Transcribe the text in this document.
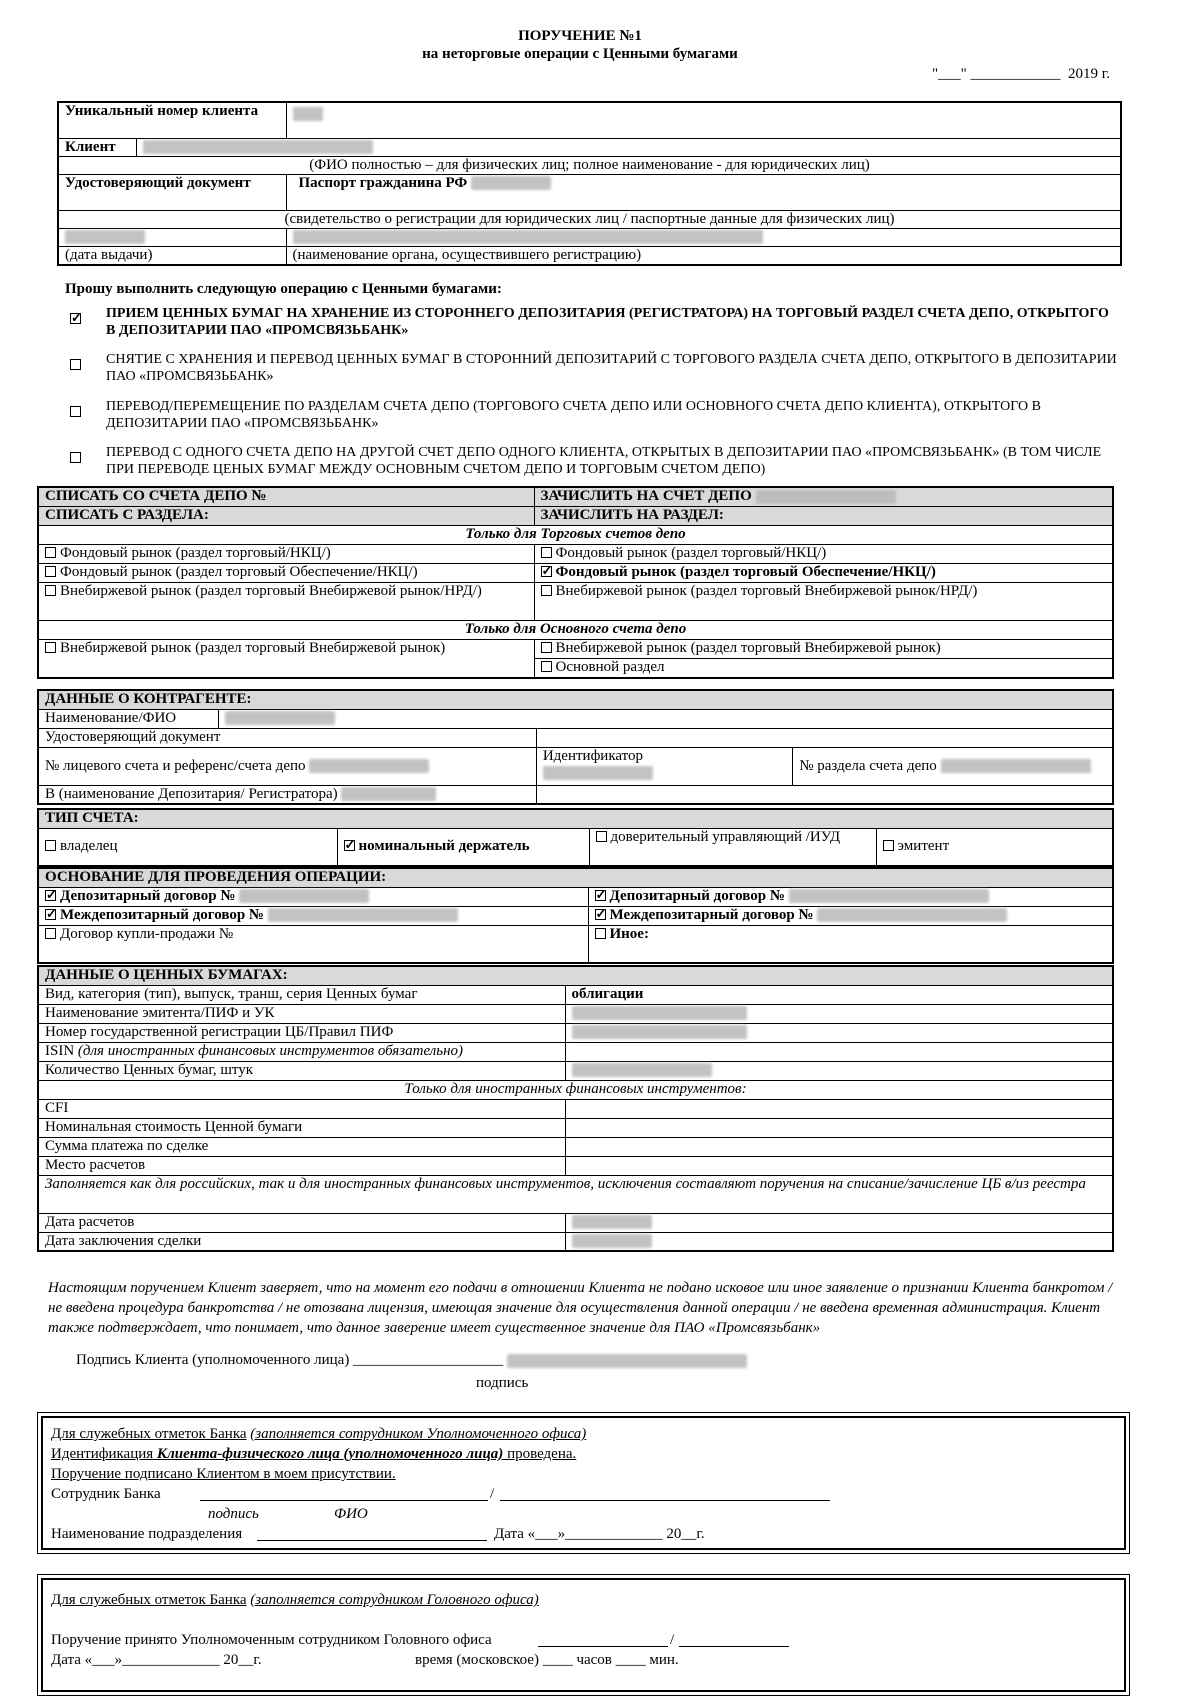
ПОРУЧЕНИЕ №1
на неторговые операции с Ценными бумагами
"___" ____________  2019 г.
Уникальный номер клиента	
Клиент	
(ФИО полностью – для физических лиц; полное наименование - для юридических лиц)	
Удостоверяющий документ	Паспорт гражданина РФ
(свидетельство о регистрации для юридических лиц / паспортные данные для физических лиц)	

(дата выдачи)	(наименование органа, осуществившего регистрацию)
Прошу выполнить следующую операцию с Ценными бумагами:
✓
ПРИЕМ ЦЕННЫХ БУМАГ НА ХРАНЕНИЕ ИЗ СТОРОННЕГО ДЕПОЗИТАРИЯ (РЕГИСТРАТОРА) НА ТОРГОВЫЙ РАЗДЕЛ СЧЕТА ДЕПО, ОТКРЫТОГО В ДЕПОЗИТАРИИ ПАО «ПРОМСВЯЗЬБАНК»
СНЯТИЕ С ХРАНЕНИЯ И ПЕРЕВОД ЦЕННЫХ БУМАГ В СТОРОННИЙ ДЕПОЗИТАРИЙ С ТОРГОВОГО РАЗДЕЛА СЧЕТА ДЕПО, ОТКРЫТОГО В ДЕПОЗИТАРИИ ПАО «ПРОМСВЯЗЬБАНК»
ПЕРЕВОД/ПЕРЕМЕЩЕНИЕ ПО РАЗДЕЛАМ СЧЕТА ДЕПО (ТОРГОВОГО СЧЕТА ДЕПО ИЛИ ОСНОВНОГО СЧЕТА ДЕПО КЛИЕНТА), ОТКРЫТОГО В ДЕПОЗИТАРИИ ПАО «ПРОМСВЯЗЬБАНК»
ПЕРЕВОД С ОДНОГО СЧЕТА ДЕПО НА ДРУГОЙ СЧЕТ ДЕПО ОДНОГО КЛИЕНТА, ОТКРЫТЫХ В ДЕПОЗИТАРИИ ПАО «ПРОМСВЯЗЬБАНК» (В ТОМ ЧИСЛЕ ПРИ ПЕРЕВОДЕ ЦЕНЫХ БУМАГ МЕЖДУ ОСНОВНЫМ СЧЕТОМ ДЕПО И ТОРГОВЫМ СЧЕТОМ ДЕПО)
СПИСАТЬ СО СЧЕТА ДЕПО №	ЗАЧИСЛИТЬ НА СЧЕТ ДЕПО
СПИСАТЬ С РАЗДЕЛА:	ЗАЧИСЛИТЬ НА РАЗДЕЛ:
Только для Торговых счетов депо	
Фондовый рынок (раздел торговый/НКЦ/)	Фондовый рынок (раздел торговый/НКЦ/)
Фондовый рынок (раздел торговый Обеспечение/НКЦ/)	✓Фондовый рынок (раздел торговый Обеспечение/НКЦ/)
Внебиржевой рынок (раздел торговый Внебиржевой рынок/НРД/)	Внебиржевой рынок (раздел торговый Внебиржевой рынок/НРД/)
Только для Основного счета депо	
Внебиржевой рынок (раздел торговый Внебиржевой рынок)	Внебиржевой рынок (раздел торговый Внебиржевой рынок)
Основной раздел
ДАННЫЕ О КОНТРАГЕНТЕ:			
Наименование/ФИО			
Удостоверяющий документ			
№ лицевого счета и референс/счета депо		Идентификатор	№ раздела счета депо
В (наименование Депозитария/ Регистратора)			
ТИП СЧЕТА:
владелец	✓номинальный держатель	доверительный управляющий /ИУД	эмитент
ОСНОВАНИЕ ДЛЯ ПРОВЕДЕНИЯ ОПЕРАЦИИ:	
✓Депозитарный договор №	✓Депозитарный договор №
✓Междепозитарный договор №	✓Междепозитарный договор №
Договор купли-продажи №	Иное:
ДАННЫЕ О ЦЕННЫХ БУМАГАХ:	
Вид, категория (тип), выпуск, транш, серия Ценных бумаг	облигации
Наименование эмитента/ПИФ и УК	
Номер государственной регистрации ЦБ/Правил ПИФ	
ISIN (для иностранных финансовых инструментов обязательно)	
Количество Ценных бумаг, штук	
Только для иностранных финансовых инструментов:	
CFI	
Номинальная стоимость Ценной бумаги	
Сумма платежа по сделке	
Место расчетов	
Заполняется как для российских, так и для иностранных финансовых инструментов, исключения составляют поручения на списание/зачисление ЦБ в/из реестра	
Дата расчетов	
Дата заключения сделки	
Настоящим поручением Клиент заверяет, что на момент его подачи в отношении Клиента не подано исковое или иное заявление о признании Клиента банкротом / не введена процедура банкротства / не отозвана лицензия, имеющая значение для осуществления данной операции / не введена временная администрация. Клиент также подтверждает, что понимает, что данное заверение имеет существенное значение для ПАО «Промсвязьбанк»
Подпись Клиента (уполномоченного лица) ____________________
подпись
Для служебных отметок Банка (заполняется сотрудником Уполномоченного офиса)
Идентификация Клиента-физического лица (уполномоченного лица) проведена.
Поручение подписано Клиентом в моем присутствии.
Сотрудник Банка	/
подпись	ФИО
Наименование подразделения	Дата «___»_____________ 20__г.
Для служебных отметок Банка (заполняется сотрудником Головного офиса)
Поручение принято Уполномоченным сотрудником Головного офиса	/
Дата «___»_____________ 20__г.	время (московское) ____ часов ____ мин.
